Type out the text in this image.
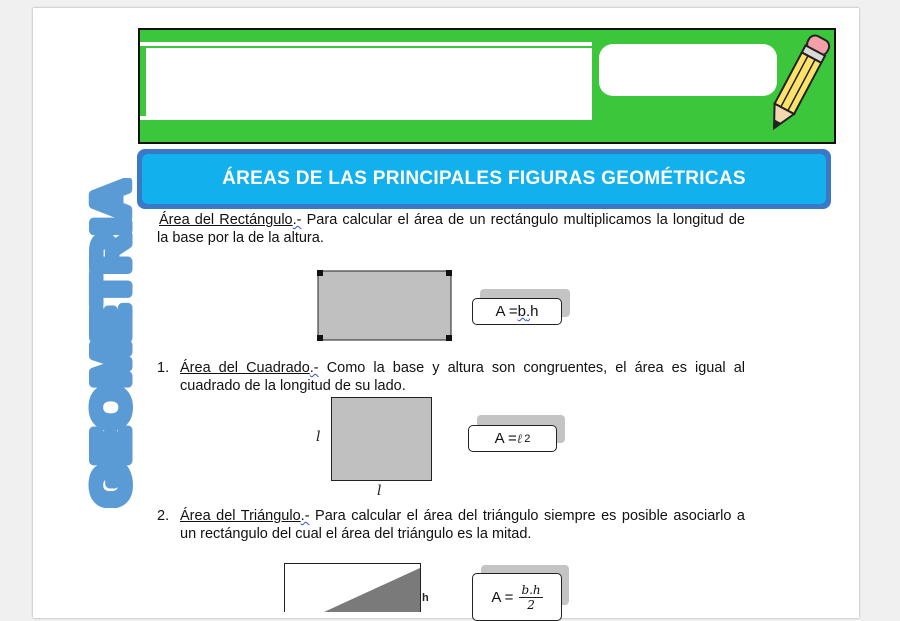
GEOMETRIA
ÁREAS DE LAS PRINCIPALES FIGURAS GEOMÉTRICAS
Área del Rectángulo.- Para calcular el área de un rectángulo multiplicamos la longitud de la base por la de la altura.
A = b . h
1. Área del Cuadrado.- Como la base y altura son congruentes, el área es igual al cuadrado de la longitud de su lado.
l
l
A = ℓ 2
2. Área del Triángulo.- Para calcular el área del triángulo siempre es posible asociarlo a un rectángulo del cual el área del triángulo es la mitad.
h	$A = \frac{b.h}{2}$
